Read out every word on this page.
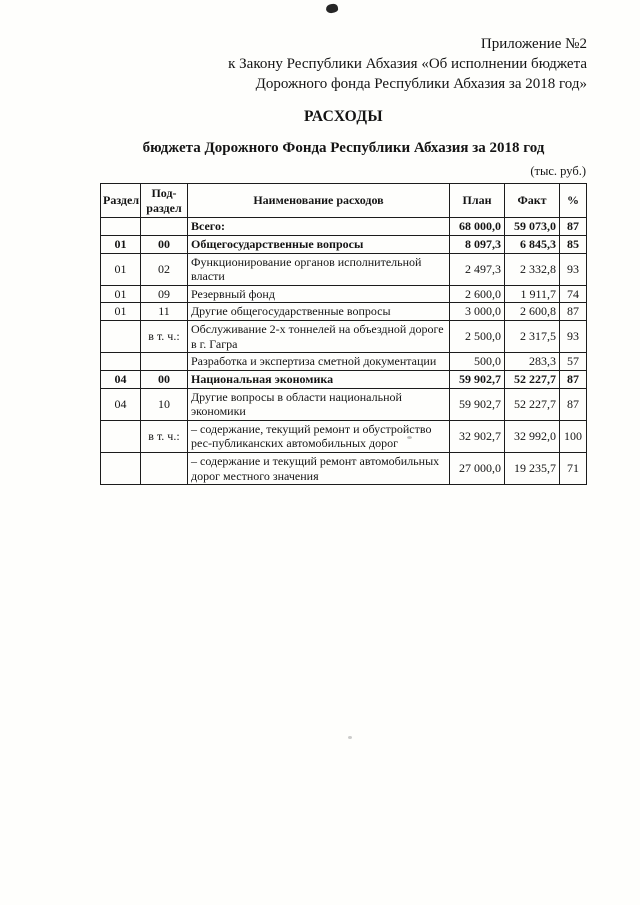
Приложение №2
к Закону Республики Абхазия «Об исполнении бюджета
Дорожного фонда Республики Абхазия за 2018 год»
РАСХОДЫ
бюджета Дорожного Фонда Республики Абхазия за 2018 год
(тыс. руб.)
Раздел	Под-раздел	Наименование расходов	План	Факт	%
		Всего:	68 000,0	59 073,0	87
01	00	Общегосударственные вопросы	8 097,3	6 845,3	85
01	02	Функционирование органов исполнительной власти	2 497,3	2 332,8	93
01	09	Резервный фонд	2 600,0	1 911,7	74
01	11	Другие общегосударственные вопросы	3 000,0	2 600,8	87
	в т. ч.:	Обслуживание 2-х тоннелей на объездной дороге в г. Гагра	2 500,0	2 317,5	93
		Разработка и экспертиза сметной документации	500,0	283,3	57
04	00	Национальная экономика	59 902,7	52 227,7	87
04	10	Другие вопросы в области национальной экономики	59 902,7	52 227,7	87
	в т. ч.:	– содержание, текущий ремонт и обустройство рес-публиканских автомобильных дорог	32 902,7	32 992,0	100
		– содержание и текущий ремонт автомобильных дорог местного значения	27 000,0	19 235,7	71
